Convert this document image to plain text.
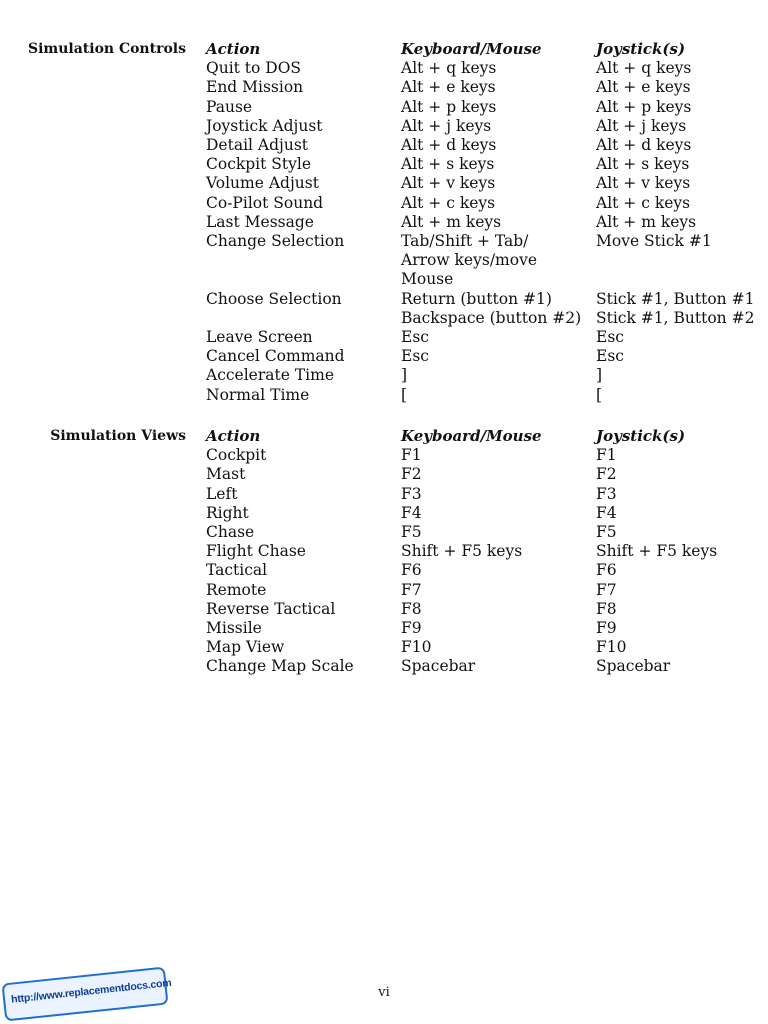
Simulation Controls Action	Keyboard/Mouse	Joystick(s)
Quit to DOS	Alt + q keys	Alt + q keys
End Mission	Alt + e keys	Alt + e keys
Pause	Alt + p keys	Alt + p keys
Joystick Adjust	Alt + j keys	Alt + j keys
Detail Adjust	Alt + d keys	Alt + d keys
Cockpit Style	Alt + s keys	Alt + s keys
Volume Adjust	Alt + v keys	Alt + v keys
Co-Pilot Sound	Alt + c keys	Alt + c keys
Last Message	Alt + m keys	Alt + m keys
Change Selection	Tab/Shift + Tab/	Move Stick #1
Arrow keys/move
Mouse
Choose Selection	Return (button #1)	Stick #1, Button #1
Backspace (button #2) Stick #1, Button #2
Leave Screen	Esc	Esc
Cancel Command	Esc	Esc
Accelerate Time	]	]
Normal Time	[	[
Simulation Views Action	Keyboard/Mouse	Joystick(s)
Cockpit	F1	F1
Mast	F2	F2
Left	F3	F3
Right	F4	F4
Chase	F5	F5
Flight Chase	Shift + F5 keys	Shift + F5 keys
Tactical	F6	F6
Remote	F7	F7
Reverse Tactical	F8	F8
Missile	F9	F9
Map View	F10	F10
Change Map Scale	Spacebar	Spacebar
vi
http://www.replacementdocs.com
